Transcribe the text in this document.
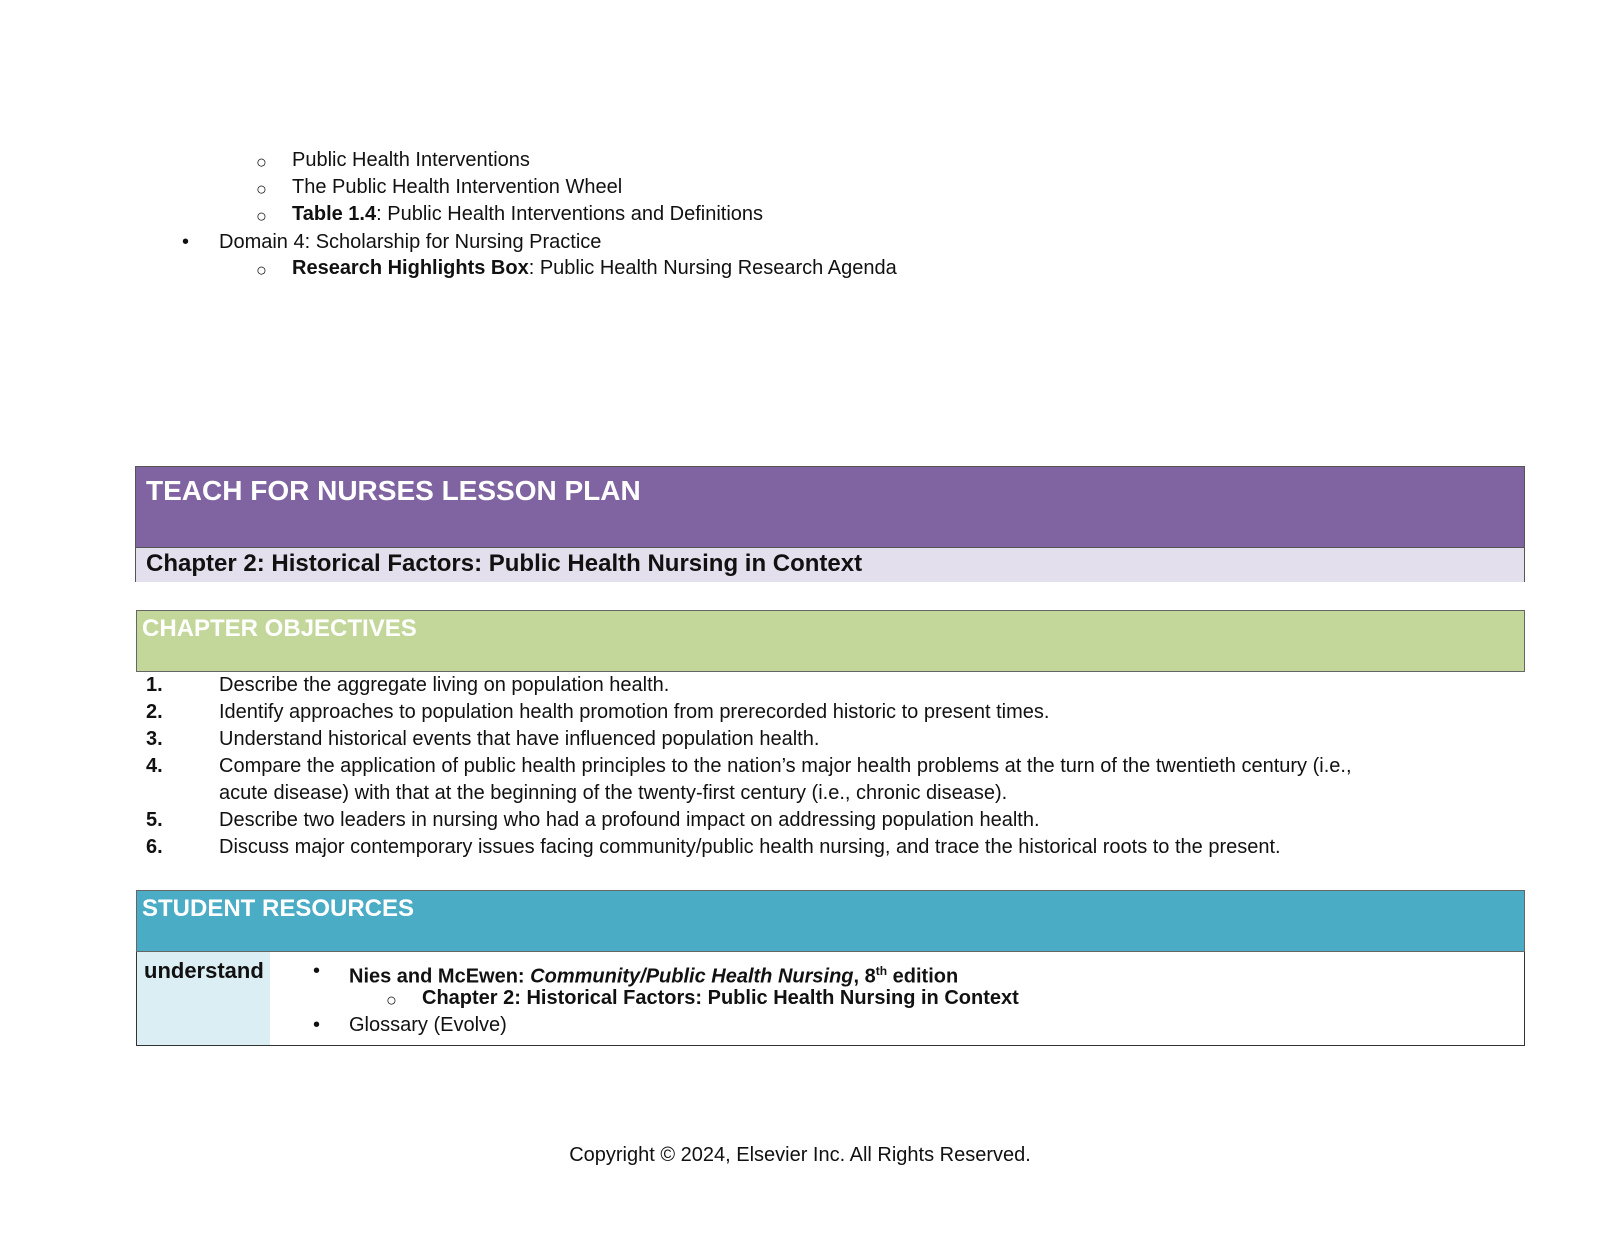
○ Public Health Interventions
○ The Public Health Intervention Wheel
○ Table 1.4: Public Health Interventions and Definitions
• Domain 4: Scholarship for Nursing Practice
○ Research Highlights Box: Public Health Nursing Research Agenda
TEACH FOR NURSES LESSON PLAN
Chapter 2: Historical Factors: Public Health Nursing in Context
CHAPTER OBJECTIVES
1.	Describe the aggregate living on population health.
2.	Identify approaches to population health promotion from prerecorded historic to present times.
3.	Understand historical events that have influenced population health.
4.	Compare the application of public health principles to the nation’s major health problems at the turn of the twentieth century (i.e.,
acute disease) with that at the beginning of the twenty-first century (i.e., chronic disease).
5.	Describe two leaders in nursing who had a profound impact on addressing population health.
6.	Discuss major contemporary issues facing community/public health nursing, and trace the historical roots to the present.
STUDENT RESOURCES
understand • Nies and McEwen: Community/Public Health Nursing, 8th edition
○ Chapter 2: Historical Factors: Public Health Nursing in Context
• Glossary (Evolve)
Copyright © 2024, Elsevier Inc. All Rights Reserved.
